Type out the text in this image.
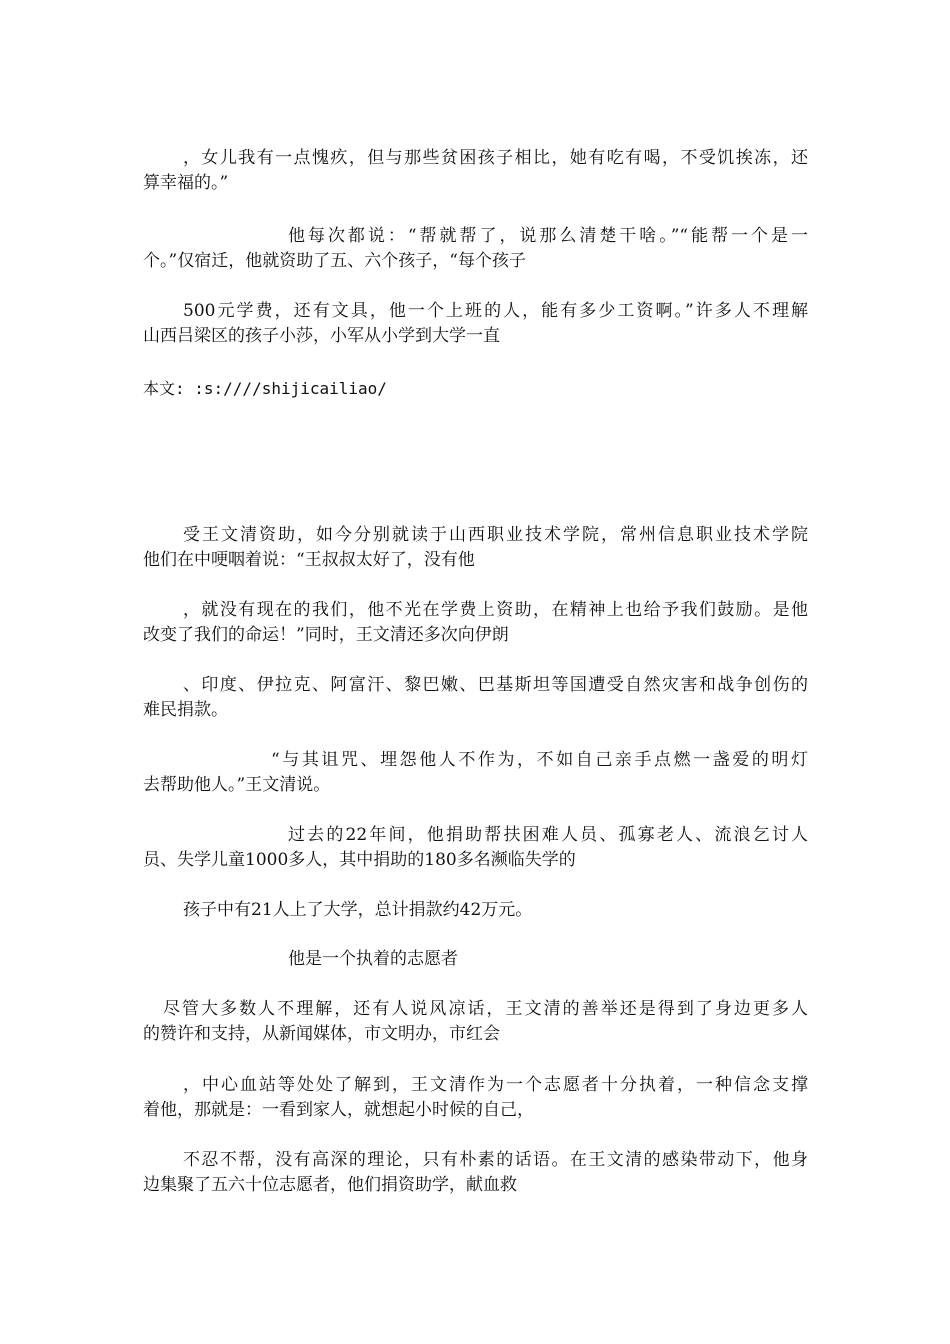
，女儿我有一点愧疚，但与那些贫困孩子相比，她有吃有喝，不受饥挨冻，还
算幸福的。”
他每次都说：“帮就帮了，说那么清楚干啥。”“能帮一个是一
个。”仅宿迁，他就资助了五、六个孩子，“每个孩子
500元学费，还有文具，他一个上班的人，能有多少工资啊。”许多人不理解
山西吕梁区的孩子小莎，小军从小学到大学一直
本文: :s:////shijicailiao/
受王文清资助，如今分别就读于山西职业技术学院，常州信息职业技术学院
他们在中哽咽着说：“王叔叔太好了，没有他
，就没有现在的我们，他不光在学费上资助，在精神上也给予我们鼓励。是他
改变了我们的命运！”同时，王文清还多次向伊朗
、印度、伊拉克、阿富汗、黎巴嫩、巴基斯坦等国遭受自然灾害和战争创伤的
难民捐款。
“与其诅咒、埋怨他人不作为，不如自己亲手点燃一盏爱的明灯
去帮助他人。”王文清说。
过去的22年间，他捐助帮扶困难人员、孤寡老人、流浪乞讨人
员、失学儿童1000多人，其中捐助的180多名濒临失学的
孩子中有21人上了大学，总计捐款约42万元。
他是一个执着的志愿者
尽管大多数人不理解，还有人说风凉话，王文清的善举还是得到了身边更多人
的赞许和支持，从新闻媒体，市文明办，市红会
，中心血站等处处了解到，王文清作为一个志愿者十分执着，一种信念支撑
着他，那就是：一看到家人，就想起小时候的自己，
不忍不帮，没有高深的理论，只有朴素的话语。在王文清的感染带动下，他身
边集聚了五六十位志愿者，他们捐资助学，献血救
